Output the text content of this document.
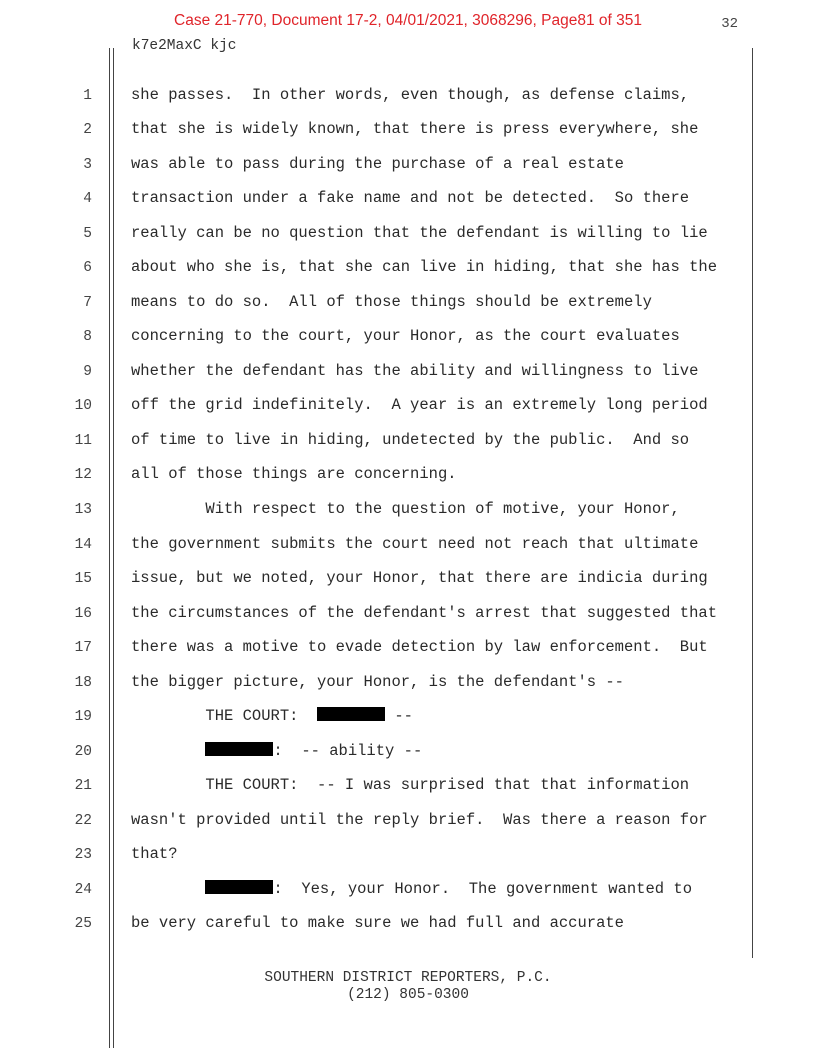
Case 21-770, Document 17-2, 04/01/2021, 3068296, Page81 of 351	32
k7e2MaxC kjc
1	she passes.  In other words, even though, as defense claims,
2	that she is widely known, that there is press everywhere, she
3	was able to pass during the purchase of a real estate
4	transaction under a fake name and not be detected.  So there
5	really can be no question that the defendant is willing to lie
6	about who she is, that she can live in hiding, that she has the
7	means to do so.  All of those things should be extremely
8	concerning to the court, your Honor, as the court evaluates
9	whether the defendant has the ability and willingness to live
10	off the grid indefinitely.  A year is an extremely long period
11	of time to live in hiding, undetected by the public.  And so
12	all of those things are concerning.
13	With respect to the question of motive, your Honor,
14	the government submits the court need not reach that ultimate
15	issue, but we noted, your Honor, that there are indicia during
16	the circumstances of the defendant's arrest that suggested that
17	there was a motive to evade detection by law enforcement.  But
18	the bigger picture, your Honor, is the defendant's --
19	THE COURT:	--
20	:  -- ability --
21	THE COURT:  -- I was surprised that that information
22	wasn't provided until the reply brief.  Was there a reason for
23	that?
24	:  Yes, your Honor.  The government wanted to
25	be very careful to make sure we had full and accurate
SOUTHERN DISTRICT REPORTERS, P.C.
(212) 805-0300
